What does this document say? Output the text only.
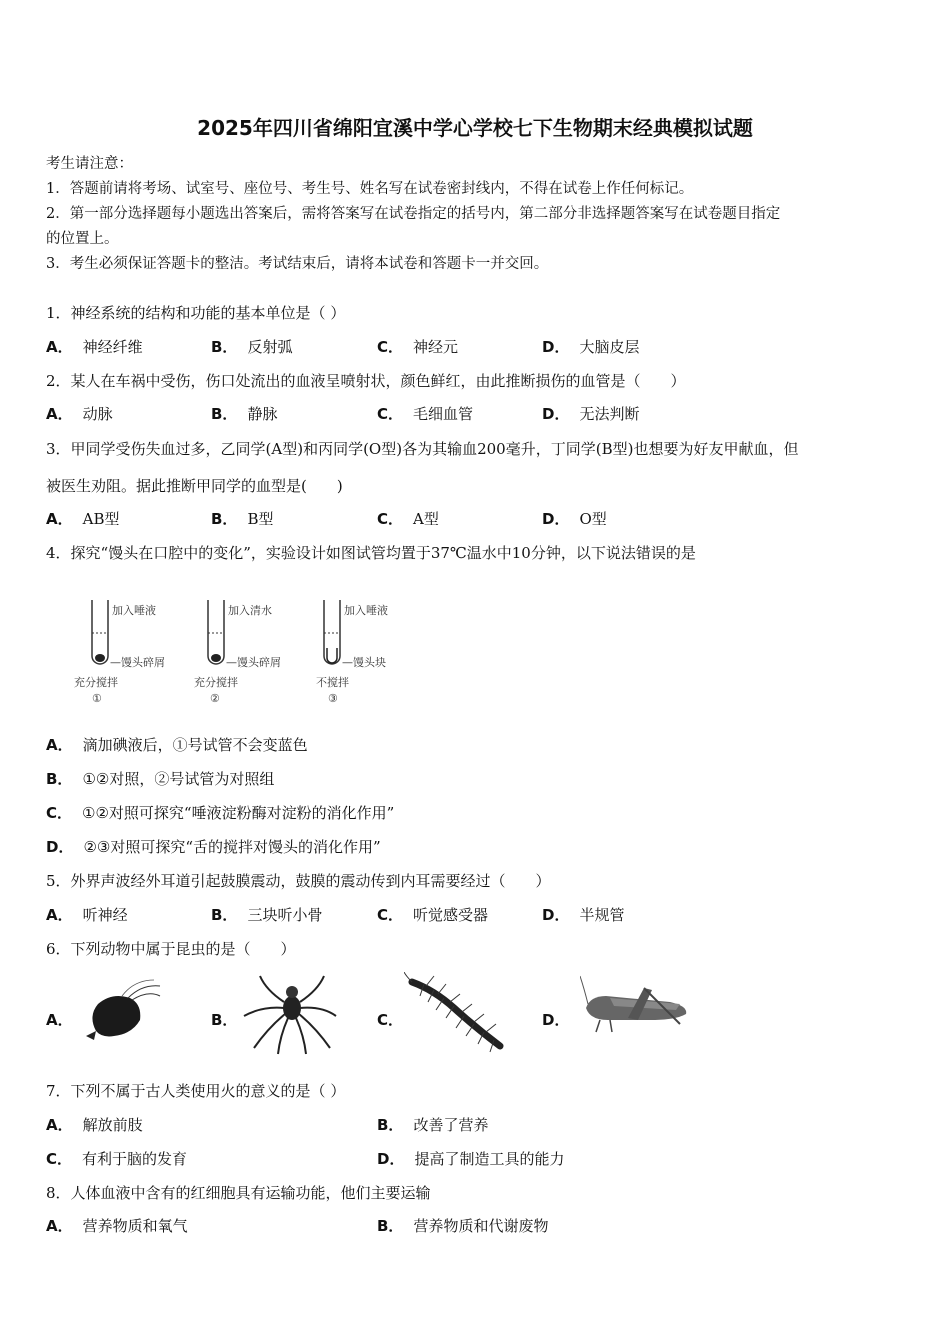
2025年四川省绵阳宜溪中学心学校七下生物期末经典模拟试题
考生请注意：
1．答题前请将考场、试室号、座位号、考生号、姓名写在试卷密封线内，不得在试卷上作任何标记。
2．第一部分选择题每小题选出答案后，需将答案写在试卷指定的括号内，第二部分非选择题答案写在试卷题目指定
的位置上。
3．考生必须保证答题卡的整洁。考试结束后，请将本试卷和答题卡一并交回。
1．神经系统的结构和功能的基本单位是（ ）
A． 神经纤维	B． 反射弧	C． 神经元	D． 大脑皮层
2．某人在车祸中受伤，伤口处流出的血液呈喷射状，颜色鲜红，由此推断损伤的血管是（　　）
A． 动脉	B． 静脉	C． 毛细血管	D． 无法判断
3．甲同学受伤失血过多，乙同学(A型)和丙同学(O型)各为其输血200毫升，丁同学(B型)也想要为好友甲献血，但
被医生劝阻。据此推断甲同学的血型是(　　)
A． AB型	B． B型	C． A型	D． O型
4．探究“馒头在口腔中的变化”，实验设计如图试管均置于37℃温水中10分钟，以下说法错误的是
加入唾液
—馒头碎屑
充分搅拌
①
加入清水
—馒头碎屑
充分搅拌
②
加入唾液
—馒头块
不搅拌
③
A． 滴加碘液后，①号试管不会变蓝色
B． ①②对照，②号试管为对照组
C． ①②对照可探究“唾液淀粉酶对淀粉的消化作用”
D． ②③对照可探究“舌的搅拌对馒头的消化作用”
5．外界声波经外耳道引起鼓膜震动，鼓膜的震动传到内耳需要经过（　　）
A． 听神经	B． 三块听小骨	C． 听觉感受器	D． 半规管
6．下列动物中属于昆虫的是（　　）
A．	B．	C．	D．
7．下列不属于古人类使用火的意义的是（ ）
A． 解放前肢	B． 改善了营养
C． 有利于脑的发育	D． 提高了制造工具的能力
8．人体血液中含有的红细胞具有运输功能，他们主要运输
A． 营养物质和氧气	B． 营养物质和代谢废物
